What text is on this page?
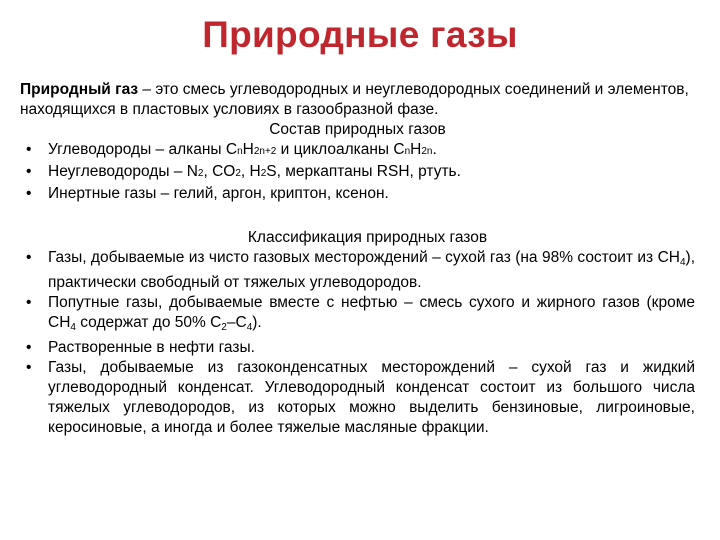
Природные газы

Природный газ – это смесь углеводородных и неуглеводородных соединений и элементов, находящихся в пластовых условиях в газообразной фазе.

Состав природных газов

• Углеводороды – алканы CnH2n+2 и циклоалканы CnH2n.
• Неуглеводороды – N2, CO2, H2S, меркаптаны RSH, ртуть.
• Инертные газы – гелий, аргон, криптон, ксенон.

Классификация природных газов

• Газы, добываемые из чисто газовых месторождений – сухой газ (на 98% состоит из $CH_4$), практически свободный от тяжелых углеводородов.
• Попутные газы, добываемые вместе с нефтью – смесь сухого и жирного газов (кроме $CH_4$ содержат до 50% $C_2-C_4$).
• Растворенные в нефти газы.
• Газы, добываемые из газоконденсатных месторождений – сухой газ и жидкий углеводородный конденсат. Углеводородный конденсат состоит из большого числа тяжелых углеводородов, из которых можно выделить бензиновые, лигроиновые, керосиновые, а иногда и более тяжелые масляные фракции.
